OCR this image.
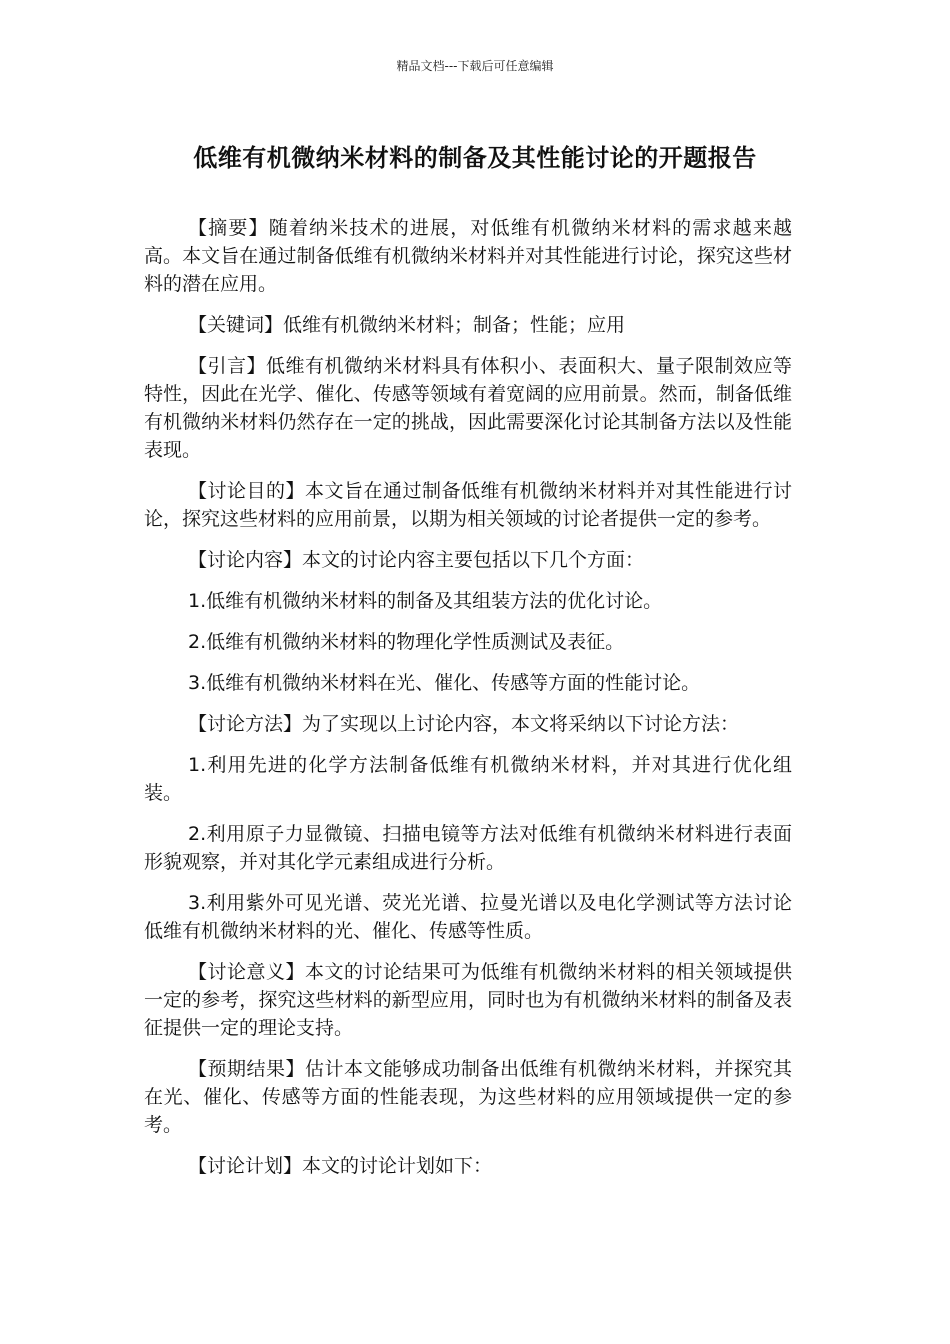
精品文档---下载后可任意编辑
低维有机微纳米材料的制备及其性能讨论的开题报告

【摘要】随着纳米技术的进展，对低维有机微纳米材料的需求越来越高。本文旨在通过制备低维有机微纳米材料并对其性能进行讨论，探究这些材料的潜在应用。

【关键词】低维有机微纳米材料；制备；性能；应用

【引言】低维有机微纳米材料具有体积小、表面积大、量子限制效应等特性，因此在光学、催化、传感等领域有着宽阔的应用前景。然而，制备低维有机微纳米材料仍然存在一定的挑战，因此需要深化讨论其制备方法以及性能表现。

【讨论目的】本文旨在通过制备低维有机微纳米材料并对其性能进行讨论，探究这些材料的应用前景，以期为相关领域的讨论者提供一定的参考。

【讨论内容】本文的讨论内容主要包括以下几个方面：

1.低维有机微纳米材料的制备及其组装方法的优化讨论。

2.低维有机微纳米材料的物理化学性质测试及表征。

3.低维有机微纳米材料在光、催化、传感等方面的性能讨论。

【讨论方法】为了实现以上讨论内容，本文将采纳以下讨论方法：

1.利用先进的化学方法制备低维有机微纳米材料，并对其进行优化组装。

2.利用原子力显微镜、扫描电镜等方法对低维有机微纳米材料进行表面形貌观察，并对其化学元素组成进行分析。

3.利用紫外可见光谱、荧光光谱、拉曼光谱以及电化学测试等方法讨论低维有机微纳米材料的光、催化、传感等性质。

【讨论意义】本文的讨论结果可为低维有机微纳米材料的相关领域提供一定的参考，探究这些材料的新型应用，同时也为有机微纳米材料的制备及表征提供一定的理论支持。

【预期结果】估计本文能够成功制备出低维有机微纳米材料，并探究其在光、催化、传感等方面的性能表现，为这些材料的应用领域提供一定的参考。

【讨论计划】本文的讨论计划如下：
